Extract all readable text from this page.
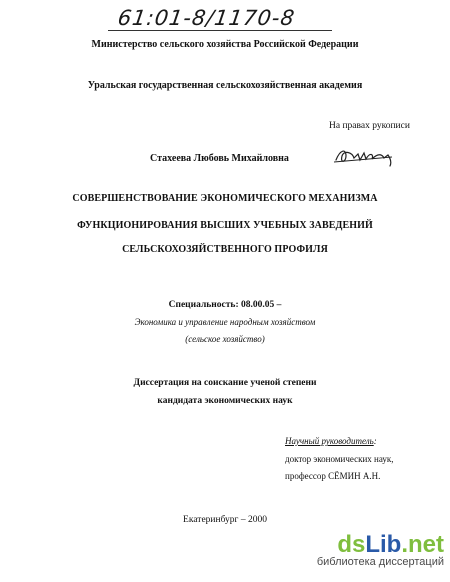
61:01-8/1170-8
Министерство сельского хозяйства Российской Федерации
Уральская государственная сельскохозяйственная академия
На правах рукописи
Стахеева Любовь Михайловна
СОВЕРШЕНСТВОВАНИЕ ЭКОНОМИЧЕСКОГО МЕХАНИЗМА
ФУНКЦИОНИРОВАНИЯ ВЫСШИХ УЧЕБНЫХ ЗАВЕДЕНИЙ
СЕЛЬСКОХОЗЯЙСТВЕННОГО ПРОФИЛЯ
Специальность: 08.00.05 –
Экономика и управление народным хозяйством
(сельское хозяйство)
Диссертация на соискание ученой степени
кандидата экономических наук
Научный руководитель:
доктор экономических наук,
профессор СЁМИН А.Н.
Екатеринбург – 2000
dsLib.net
библиотека диссертаций
